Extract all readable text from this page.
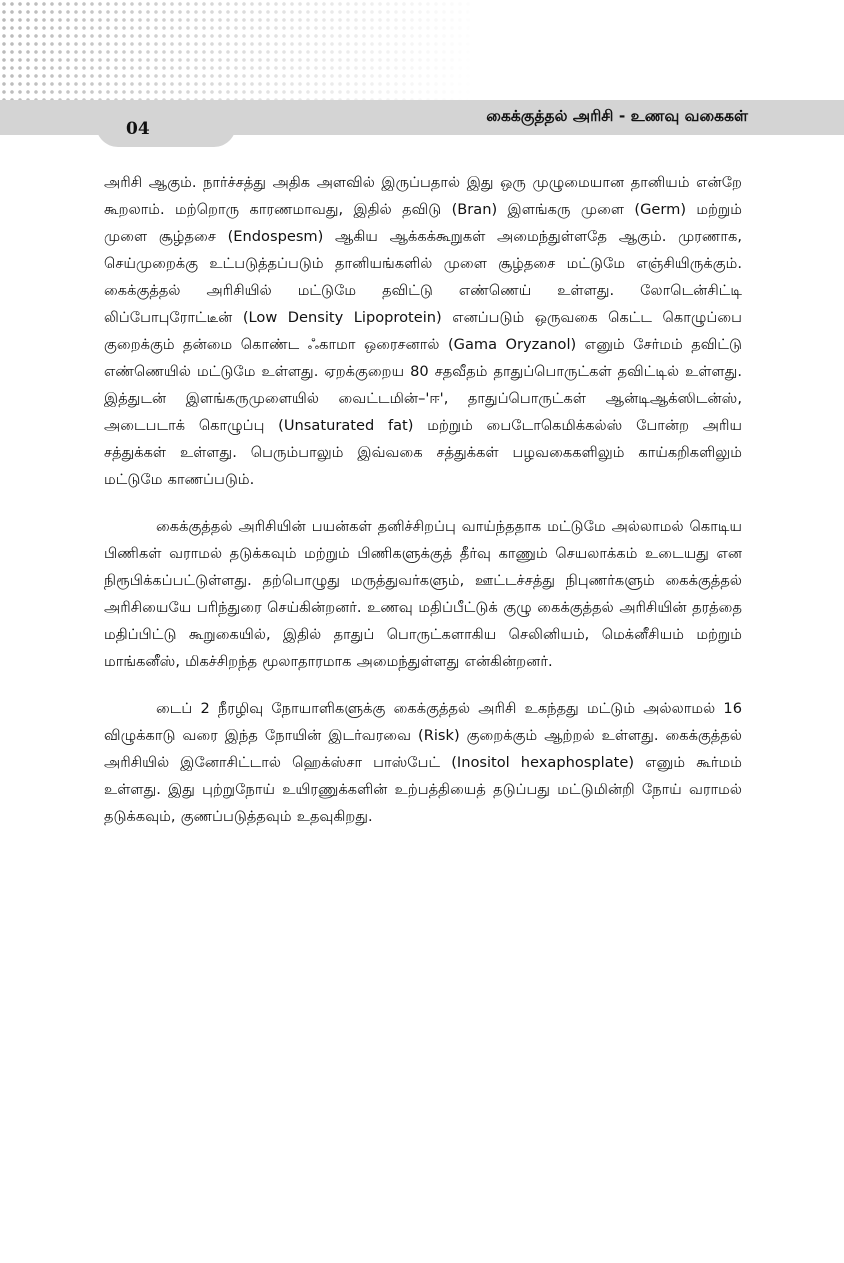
கைக்குத்தல் அரிசி - உணவு வகைகள்
04

அரிசி ஆகும். நார்ச்சத்து அதிக அளவில் இருப்பதால் இது ஒரு முழுமையான தானியம் என்றே கூறலாம். மற்றொரு காரணமாவது, இதில் தவிடு (Bran) இளங்கரு முளை (Germ) மற்றும் முளை சூழ்தசை (Endospesm) ஆகிய ஆக்கக்கூறுகள் அமைந்துள்ளதே ஆகும். முரணாக, செய்முறைக்கு உட்படுத்தப்படும் தானியங்களில் முளை சூழ்தசை மட்டுமே எஞ்சியிருக்கும். கைக்குத்தல் அரிசியில் மட்டுமே தவிட்டு எண்ணெய் உள்ளது. லோடென்சிட்டி லிப்போபுரோட்டீன் (Low Density Lipoprotein) எனப்படும் ஒருவகை கெட்ட கொழுப்பை குறைக்கும் தன்மை கொண்ட ஃகாமா ஒரைசனால் (Gama Oryzanol) எனும் சேர்மம் தவிட்டு எண்ணெயில் மட்டுமே உள்ளது. ஏறக்குறைய 80 சதவீதம் தாதுப்பொருட்கள் தவிட்டில் உள்ளது. இத்துடன் இளங்கருமுளையில் வைட்டமின்–'ஈ', தாதுப்பொருட்கள் ஆன்டிஆக்ஸிடன்ஸ், அடைபடாக் கொழுப்பு (Unsaturated fat) மற்றும் பைடோகெமிக்கல்ஸ் போன்ற அரிய சத்துக்கள் உள்ளது. பெரும்பாலும் இவ்வகை சத்துக்கள் பழவகைகளிலும் காய்கறிகளிலும் மட்டுமே காணப்படும்.

கைக்குத்தல் அரிசியின் பயன்கள் தனிச்சிறப்பு வாய்ந்ததாக மட்டுமே அல்லாமல் கொடிய பிணிகள் வராமல் தடுக்கவும் மற்றும் பிணிகளுக்குத் தீர்வு காணும் செயலாக்கம் உடையது என நிரூபிக்கப்பட்டுள்ளது. தற்பொழுது மருத்துவர்களும், ஊட்டச்சத்து நிபுணர்களும் கைக்குத்தல் அரிசியையே பரிந்துரை செய்கின்றனர். உணவு மதிப்பீட்டுக் குழு கைக்குத்தல் அரிசியின் தரத்தை மதிப்பிட்டு கூறுகையில், இதில் தாதுப் பொருட்களாகிய செலினியம், மெக்னீசியம் மற்றும் மாங்கனீஸ், மிகச்சிறந்த மூலாதாரமாக அமைந்துள்ளது என்கின்றனர்.

டைப் 2 நீரழிவு நோயாளிகளுக்கு கைக்குத்தல் அரிசி உகந்தது மட்டும் அல்லாமல் 16 விழுக்காடு வரை இந்த நோயின் இடர்வரவை (Risk) குறைக்கும் ஆற்றல் உள்ளது. கைக்குத்தல் அரிசியில் இனோசிட்டால் ஹெக்ஸ்சா பாஸ்பேட் (Inositol hexaphosplate) எனும் கூர்மம் உள்ளது. இது புற்றுநோய் உயிரணுக்களின் உற்பத்தியைத் தடுப்பது மட்டுமின்றி நோய் வராமல் தடுக்கவும், குணப்படுத்தவும் உதவுகிறது.
